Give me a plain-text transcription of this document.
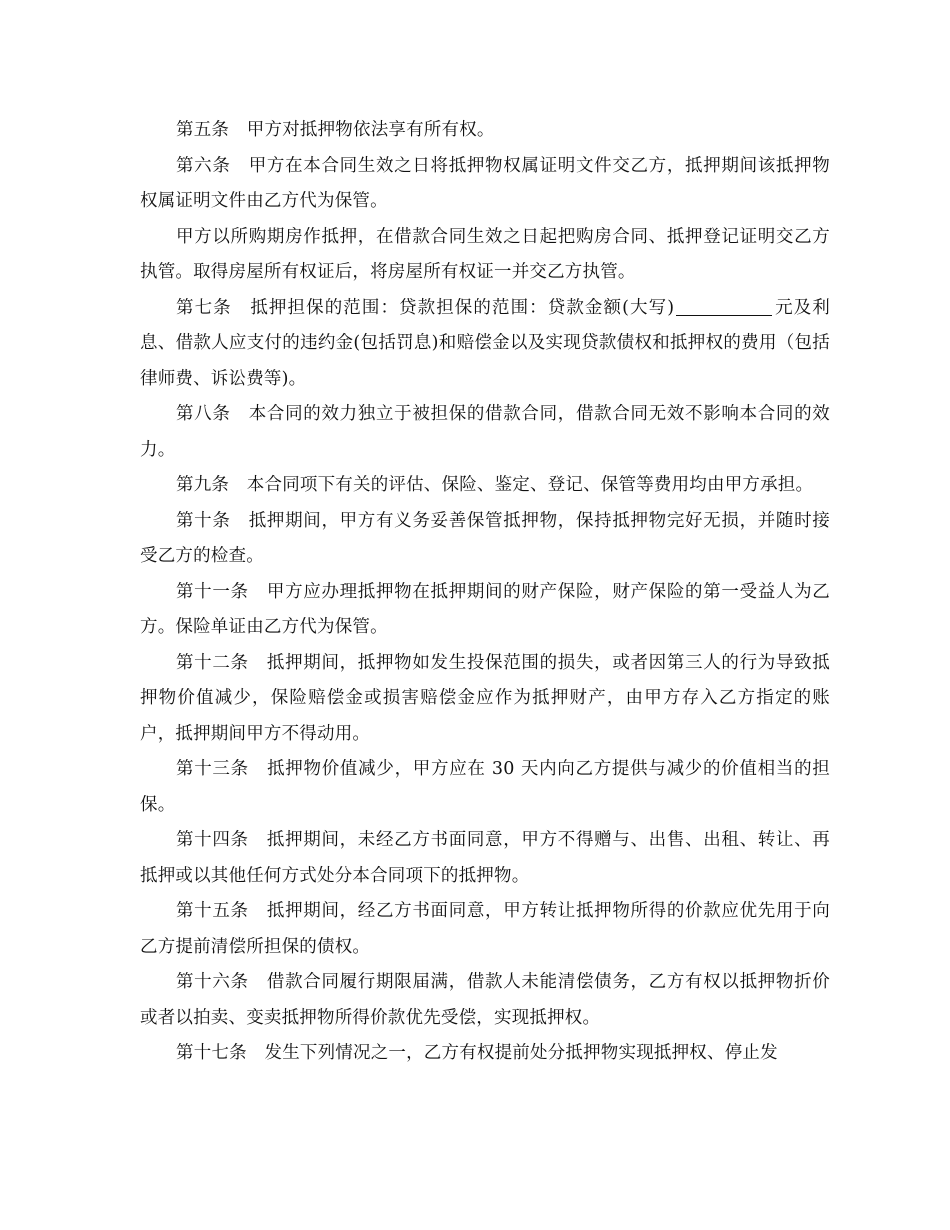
第五条　甲方对抵押物依法享有所有权。

第六条　甲方在本合同生效之日将抵押物权属证明文件交乙方，抵押期间该抵押物权属证明文件由乙方代为保管。

甲方以所购期房作抵押，在借款合同生效之日起把购房合同、抵押登记证明交乙方执管。取得房屋所有权证后，将房屋所有权证一并交乙方执管。

第七条　抵押担保的范围：贷款担保的范围：贷款金额(大写)	元及利息、借款人应支付的违约金(包括罚息)和赔偿金以及实现贷款债权和抵押权的费用（包括律师费、诉讼费等)。

第八条　本合同的效力独立于被担保的借款合同，借款合同无效不影响本合同的效力。

第九条　本合同项下有关的评估、保险、鉴定、登记、保管等费用均由甲方承担。

第十条　抵押期间，甲方有义务妥善保管抵押物，保持抵押物完好无损，并随时接受乙方的检查。

第十一条　甲方应办理抵押物在抵押期间的财产保险，财产保险的第一受益人为乙方。保险单证由乙方代为保管。

第十二条　抵押期间，抵押物如发生投保范围的损失，或者因第三人的行为导致抵押物价值减少，保险赔偿金或损害赔偿金应作为抵押财产，由甲方存入乙方指定的账户，抵押期间甲方不得动用。

第十三条　抵押物价值减少，甲方应在 30 天内向乙方提供与减少的价值相当的担保。

第十四条　抵押期间，未经乙方书面同意，甲方不得赠与、出售、出租、转让、再抵押或以其他任何方式处分本合同项下的抵押物。

第十五条　抵押期间，经乙方书面同意，甲方转让抵押物所得的价款应优先用于向乙方提前清偿所担保的债权。

第十六条　借款合同履行期限届满，借款人未能清偿债务，乙方有权以抵押物折价或者以拍卖、变卖抵押物所得价款优先受偿，实现抵押权。

第十七条　发生下列情况之一，乙方有权提前处分抵押物实现抵押权、停止发
